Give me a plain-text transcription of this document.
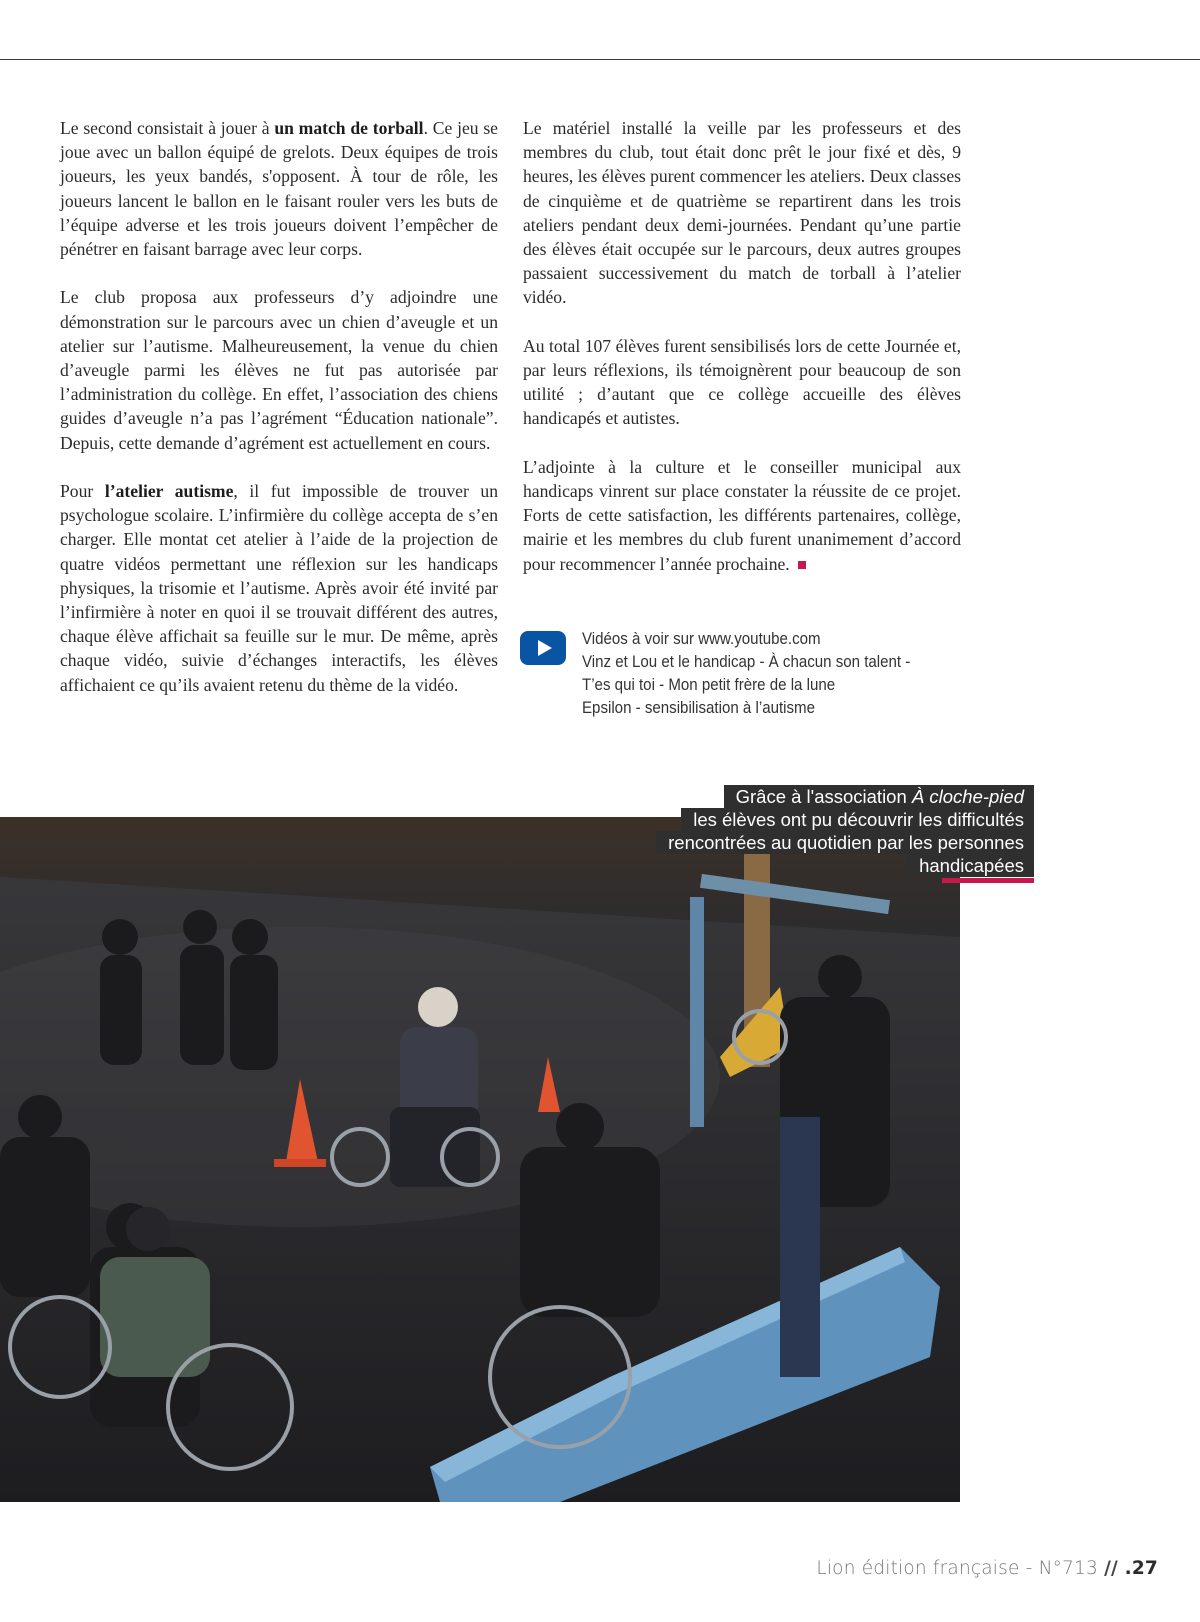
Le second consistait à jouer à un match de torball. Ce jeu se joue avec un ballon équipé de grelots. Deux équipes de trois joueurs, les yeux bandés, s'opposent. À tour de rôle, les joueurs lancent le ballon en le faisant rouler vers les buts de l’équipe adverse et les trois joueurs doivent l’empêcher de pénétrer en faisant barrage avec leur corps.

Le club proposa aux professeurs d’y adjoindre une démonstration sur le parcours avec un chien d’aveugle et un atelier sur l’autisme. Malheureusement, la venue du chien d’aveugle parmi les élèves ne fut pas autorisée par l’administration du collège. En effet, l’association des chiens guides d’aveugle n’a pas l’agrément “Éducation nationale”. Depuis, cette demande d’agrément est actuellement en cours.

Pour l’atelier autisme, il fut impossible de trouver un psychologue scolaire. L’infirmière du collège accepta de s’en charger. Elle montat cet atelier à l’aide de la projection de quatre vidéos permettant une réflexion sur les handicaps physiques, la trisomie et l’autisme. Après avoir été invité par l’infirmière à noter en quoi il se trouvait différent des autres, chaque élève affichait sa feuille sur le mur. De même, après chaque vidéo, suivie d’échanges interactifs, les élèves affichaient ce qu’ils avaient retenu du thème de la vidéo.

Le matériel installé la veille par les professeurs et des membres du club, tout était donc prêt le jour fixé et dès, 9 heures, les élèves purent commencer les ateliers. Deux classes de cinquième et de quatrième se repartirent dans les trois ateliers pendant deux demi-journées. Pendant qu’une partie des élèves était occupée sur le parcours, deux autres groupes passaient successivement du match de torball à l’atelier vidéo.

Au total 107 élèves furent sensibilisés lors de cette Journée et, par leurs réflexions, ils témoignèrent pour beaucoup de son utilité ; d’autant que ce collège accueille des élèves handicapés et autistes.

L’adjointe à la culture et le conseiller municipal aux handicaps vinrent sur place constater la réussite de ce projet. Forts de cette satisfaction, les différents partenaires, collège, mairie et les membres du club furent unanimement d’accord pour recommencer l’année prochaine.

Vidéos à voir sur www.youtube.com
Vinz et Lou et le handicap - À chacun son talent -
T’es qui toi - Mon petit frère de la lune
Epsilon - sensibilisation à l’autisme
Grâce à l'association À cloche-pied
les élèves ont pu découvrir les difficultés
rencontrées au quotidien par les personnes
handicapées
Lion édition française - N°713 // .27
